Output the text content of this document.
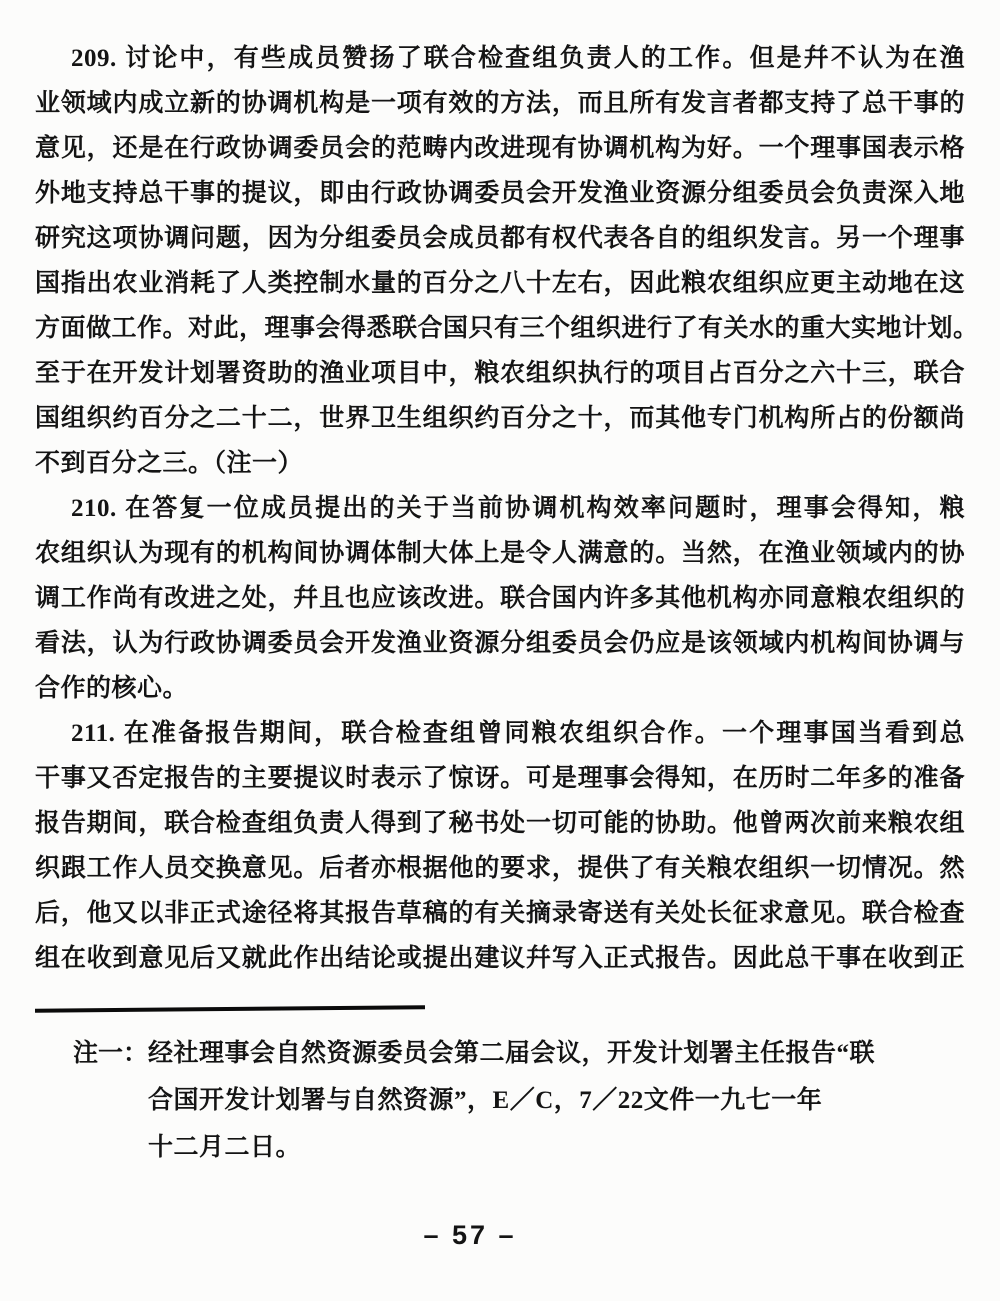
209. 讨论中，有些成员赞扬了联合检查组负责人的工作。但是幷不认为在渔
业领域内成立新的协调机构是一项有效的方法，而且所有发言者都支持了总干事的
意见，还是在行政协调委员会的范畴内改进现有协调机构为好。一个理事国表示格
外地支持总干事的提议，即由行政协调委员会开发渔业资源分组委员会负责深入地
研究这项协调问题，因为分组委员会成员都有权代表各自的组织发言。另一个理事
国指出农业消耗了人类控制水量的百分之八十左右，因此粮农组织应更主动地在这
方面做工作。对此，理事会得悉联合国只有三个组织进行了有关水的重大实地计划。
至于在开发计划署资助的渔业项目中，粮农组织执行的项目占百分之六十三，联合
国组织约百分之二十二，世界卫生组织约百分之十，而其他专门机构所占的份额尚
不到百分之三。（注一）
210. 在答复一位成员提出的关于当前协调机构效率问题时，理事会得知，粮
农组织认为现有的机构间协调体制大体上是令人满意的。当然，在渔业领域内的协
调工作尚有改进之处，幷且也应该改进。联合国内许多其他机构亦同意粮农组织的
看法，认为行政协调委员会开发渔业资源分组委员会仍应是该领域内机构间协调与
合作的核心。
211. 在准备报告期间，联合检查组曾同粮农组织合作。一个理事国当看到总
干事又否定报告的主要提议时表示了惊讶。可是理事会得知，在历时二年多的准备
报告期间，联合检查组负责人得到了秘书处一切可能的协助。他曾两次前来粮农组
织跟工作人员交换意见。后者亦根据他的要求，提供了有关粮农组织一切情况。然
后，他又以非正式途径将其报告草稿的有关摘录寄送有关处长征求意见。联合检查
组在收到意见后又就此作出结论或提出建议幷写入正式报告。因此总干事在收到正
注一： 经社理事会自然资源委员会第二届会议，开发计划署主任报告“联
合国开发计划署与自然资源”，E／C，7／22文件一九七一年
十二月二日。
– 57 –
